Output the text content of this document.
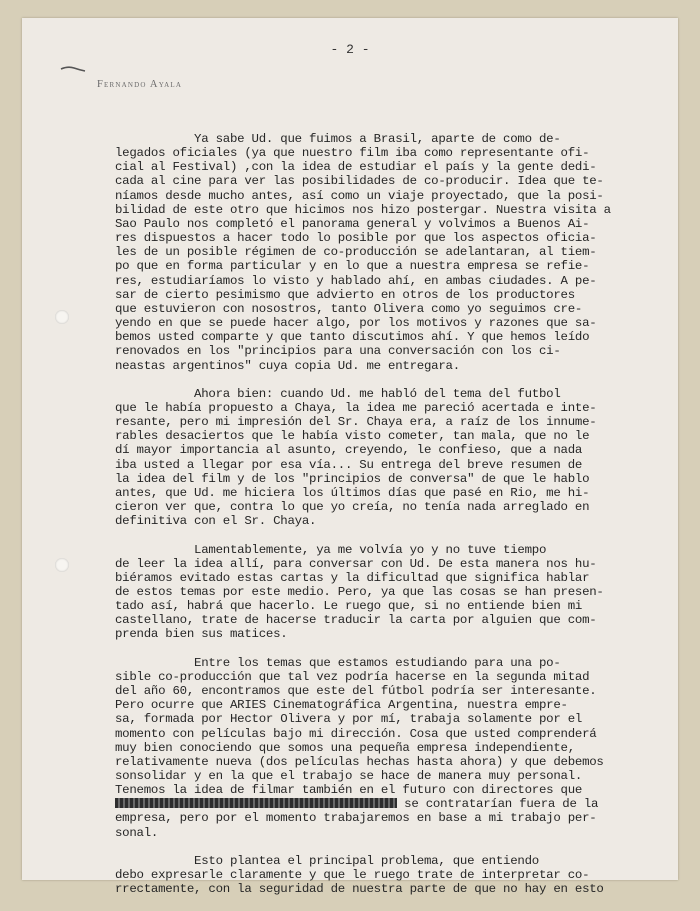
- 2 -
Fernando Ayala
Ya sabe Ud. que fuimos a Brasil, aparte de como de-
legados oficiales (ya que nuestro film iba como representante ofi-
cial al Festival) ,con la idea de estudiar el país y la gente dedi-
cada al cine para ver las posibilidades de co-producir. Idea que te-
níamos desde mucho antes, así como un viaje proyectado, que la posi-
bilidad de este otro que hicimos nos hizo postergar. Nuestra visita a
Sao Paulo nos completó el panorama general y volvimos a Buenos Ai-
res dispuestos a hacer todo lo posible por que los aspectos oficia-
les de un posible régimen de co-producción se adelantaran, al tiem-
po que en forma particular y en lo que a nuestra empresa se refie-
res, estudiaríamos lo visto y hablado ahí, en ambas ciudades. A pe-
sar de cierto pesimismo que advierto en otros de los productores
que estuvieron con nosostros, tanto Olivera como yo seguimos cre-
yendo en que se puede hacer algo, por los motivos y razones que sa-
bemos usted comparte y que tanto discutimos ahí. Y que hemos leído
renovados en los "principios para una conversación con los ci-
neastas argentinos" cuya copia Ud. me entregara.
Ahora bien: cuando Ud. me habló del tema del futbol
que le había propuesto a Chaya, la idea me pareció acertada e inte-
resante, pero mi impresión del Sr. Chaya era, a raíz de los innume-
rables desaciertos que le había visto cometer, tan mala, que no le
dí mayor importancia al asunto, creyendo, le confieso, que a nada
iba usted a llegar por esa vía... Su entrega del breve resumen de
la idea del film y de los "principios de conversa" de que le hablo
antes, que Ud. me hiciera los últimos días que pasé en Rio, me hi-
cieron ver que, contra lo que yo creía, no tenía nada arreglado en
definitiva con el Sr. Chaya.
Lamentablemente, ya me volvía yo y no tuve tiempo
de leer la idea allí, para conversar con Ud. De esta manera nos hu-
biéramos evitado estas cartas y la dificultad que significa hablar
de estos temas por este medio. Pero, ya que las cosas se han presen-
tado así, habrá que hacerlo. Le ruego que, si no entiende bien mi
castellano, trate de hacerse traducir la carta por alguien que com-
prenda bien sus matices.
Entre los temas que estamos estudiando para una po-
sible co-producción que tal vez podría hacerse en la segunda mitad
del año 60, encontramos que este del fútbol podría ser interesante.
Pero ocurre que ARIES Cinematográfica Argentina, nuestra empre-
sa, formada por Hector Olivera y por mí, trabaja solamente por el
momento con películas bajo mi dirección. Cosa que usted comprenderá
muy bien conociendo que somos una pequeña empresa independiente,
relativamente nueva (dos películas hechas hasta ahora) y que debemos
sonsolidar y en la que el trabajo se hace de manera muy personal.
Tenemos la idea de filmar también en el futuro con directores que
se contratarían fuera de la
empresa, pero por el momento trabajaremos en base a mi trabajo per-
sonal.
Esto plantea el principal problema, que entiendo
debo expresarle claramente y que le ruego trate de interpretar co-
rrectamente, con la seguridad de nuestra parte de que no hay en esto
